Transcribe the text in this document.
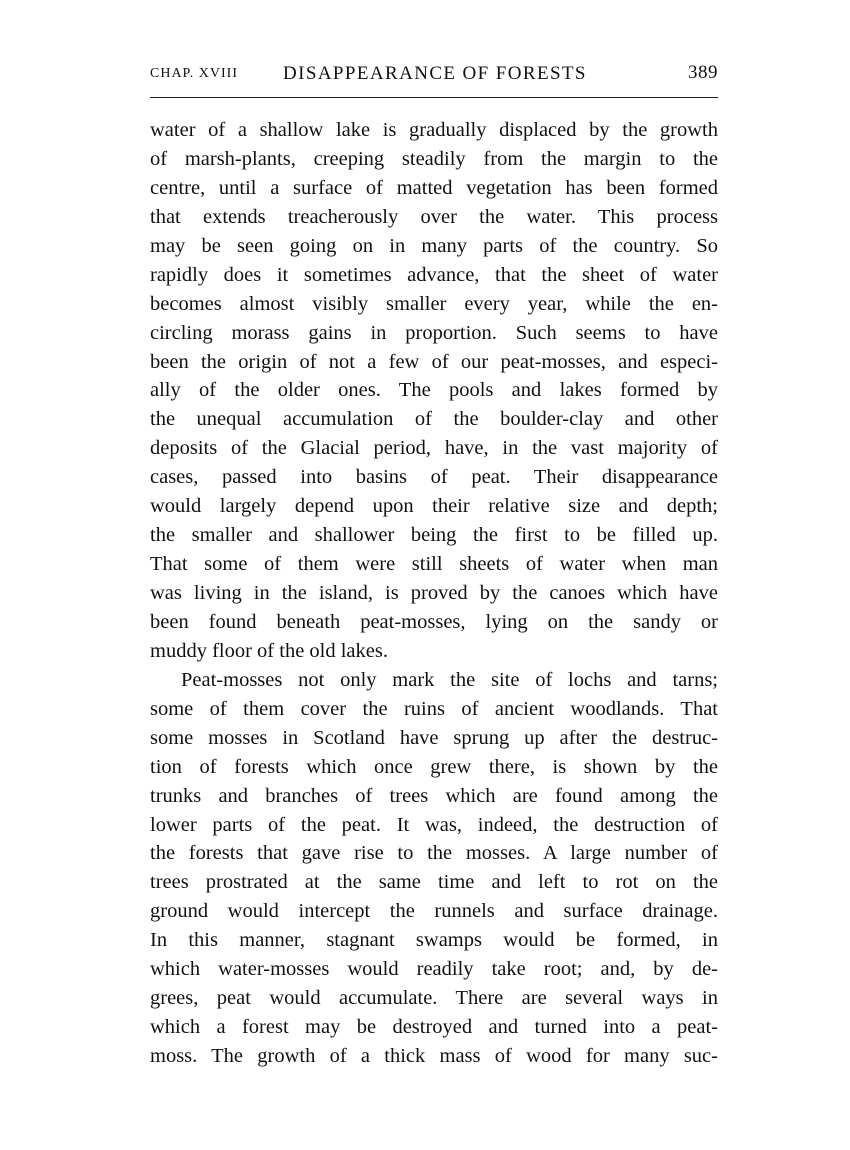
CHAP. XVIII DISAPPEARANCE OF FORESTS	389
water of a shallow lake is gradually displaced by the growth
of marsh-plants, creeping steadily from the margin to the
centre, until a surface of matted vegetation has been formed
that extends treacherously over the water. This process
may be seen going on in many parts of the country. So
rapidly does it sometimes advance, that the sheet of water
becomes almost visibly smaller every year, while the en-
circling morass gains in proportion. Such seems to have
been the origin of not a few of our peat-mosses, and especi-
ally of the older ones. The pools and lakes formed by
the unequal accumulation of the boulder-clay and other
deposits of the Glacial period, have, in the vast majority of
cases, passed into basins of peat. Their disappearance
would largely depend upon their relative size and depth;
the smaller and shallower being the first to be filled up.
That some of them were still sheets of water when man
was living in the island, is proved by the canoes which have
been found beneath peat-mosses, lying on the sandy or
muddy floor of the old lakes.
Peat-mosses not only mark the site of lochs and tarns;
some of them cover the ruins of ancient woodlands. That
some mosses in Scotland have sprung up after the destruc-
tion of forests which once grew there, is shown by the
trunks and branches of trees which are found among the
lower parts of the peat. It was, indeed, the destruction of
the forests that gave rise to the mosses. A large number of
trees prostrated at the same time and left to rot on the
ground would intercept the runnels and surface drainage.
In this manner, stagnant swamps would be formed, in
which water-mosses would readily take root; and, by de-
grees, peat would accumulate. There are several ways in
which a forest may be destroyed and turned into a peat-
moss. The growth of a thick mass of wood for many suc-
